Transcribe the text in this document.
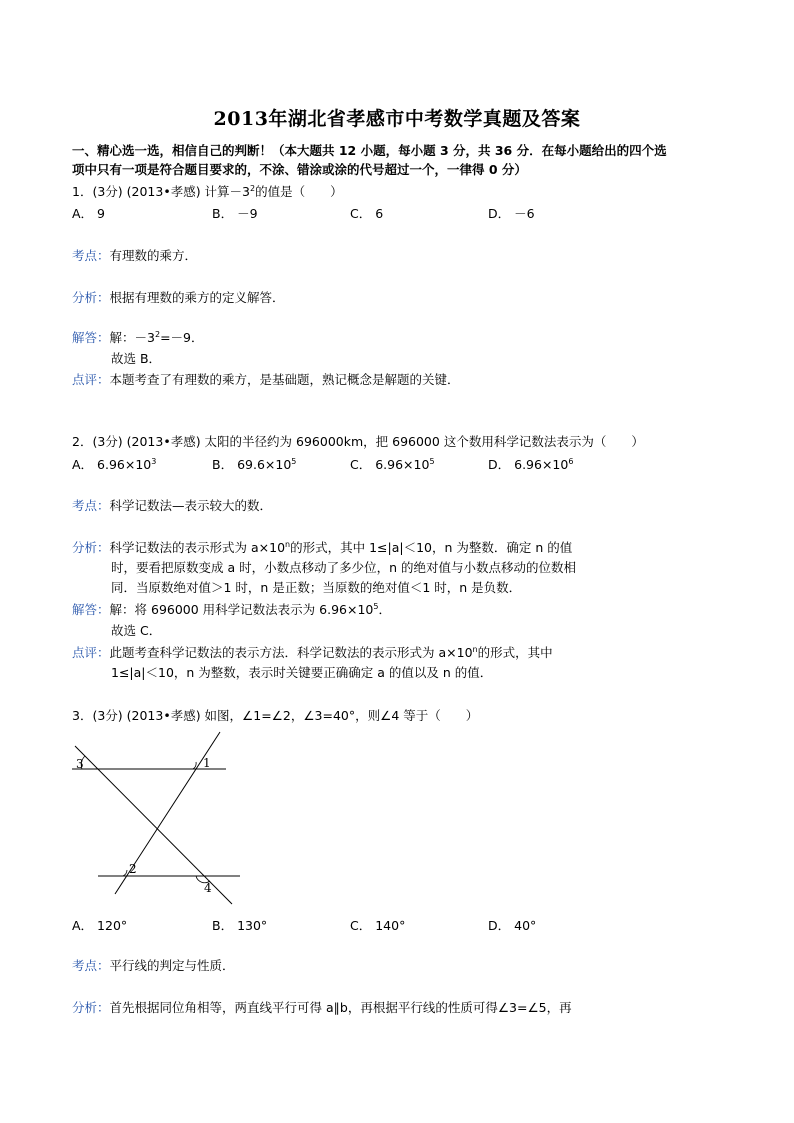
2013年湖北省孝感市中考数学真题及答案
一、精心选一选，相信自己的判断！（本大题共 12 小题，每小题 3 分，共 36 分．在每小题给出的四个选
项中只有一项是符合题目要求的，不涂、错涂或涂的代号超过一个，一律得 0 分）
1．(3分) (2013•孝感) 计算$-3^2$的值是（　　）
A． 9	B． －9	C． 6	D． －6
考点：有理数的乘方．
分析：根据有理数的乘方的定义解答．
解答：解：$-3^2=-9$．
故选 B．
点评：本题考查了有理数的乘方，是基础题，熟记概念是解题的关键．
2．(3分) (2013•孝感) 太阳的半径约为 696000km，把 696000 这个数用科学记数法表示为（　　）
A． $6.96\times 10^3$	B． $69.6\times 10^5$	C． $6.96\times 10^5$	D． $6.96\times 10^6$
考点：科学记数法—表示较大的数．
分析：科学记数法的表示形式为 $a\times 10^n$的形式，其中 1≤|a|＜10，n 为整数．确定 n 的值
时，要看把原数变成 a 时，小数点移动了多少位，n 的绝对值与小数点移动的位数相
同．当原数绝对值＞1 时，n 是正数；当原数的绝对值＜1 时，n 是负数．
解答：解：将 696000 用科学记数法表示为 $6.96\times 10^5$．
故选 C．
点评：此题考查科学记数法的表示方法．科学记数法的表示形式为 $a\times 10^n$的形式，其中
1≤|a|＜10，n 为整数，表示时关键要正确确定 a 的值以及 n 的值．
3．(3分) (2013•孝感) 如图，∠1=∠2，∠3=40°，则∠4 等于（　　）
3	1
2
4
A． 120°	B． 130°	C． 140°	D． 40°
考点：平行线的判定与性质．
分析：首先根据同位角相等，两直线平行可得 a∥b，再根据平行线的性质可得∠3=∠5，再
